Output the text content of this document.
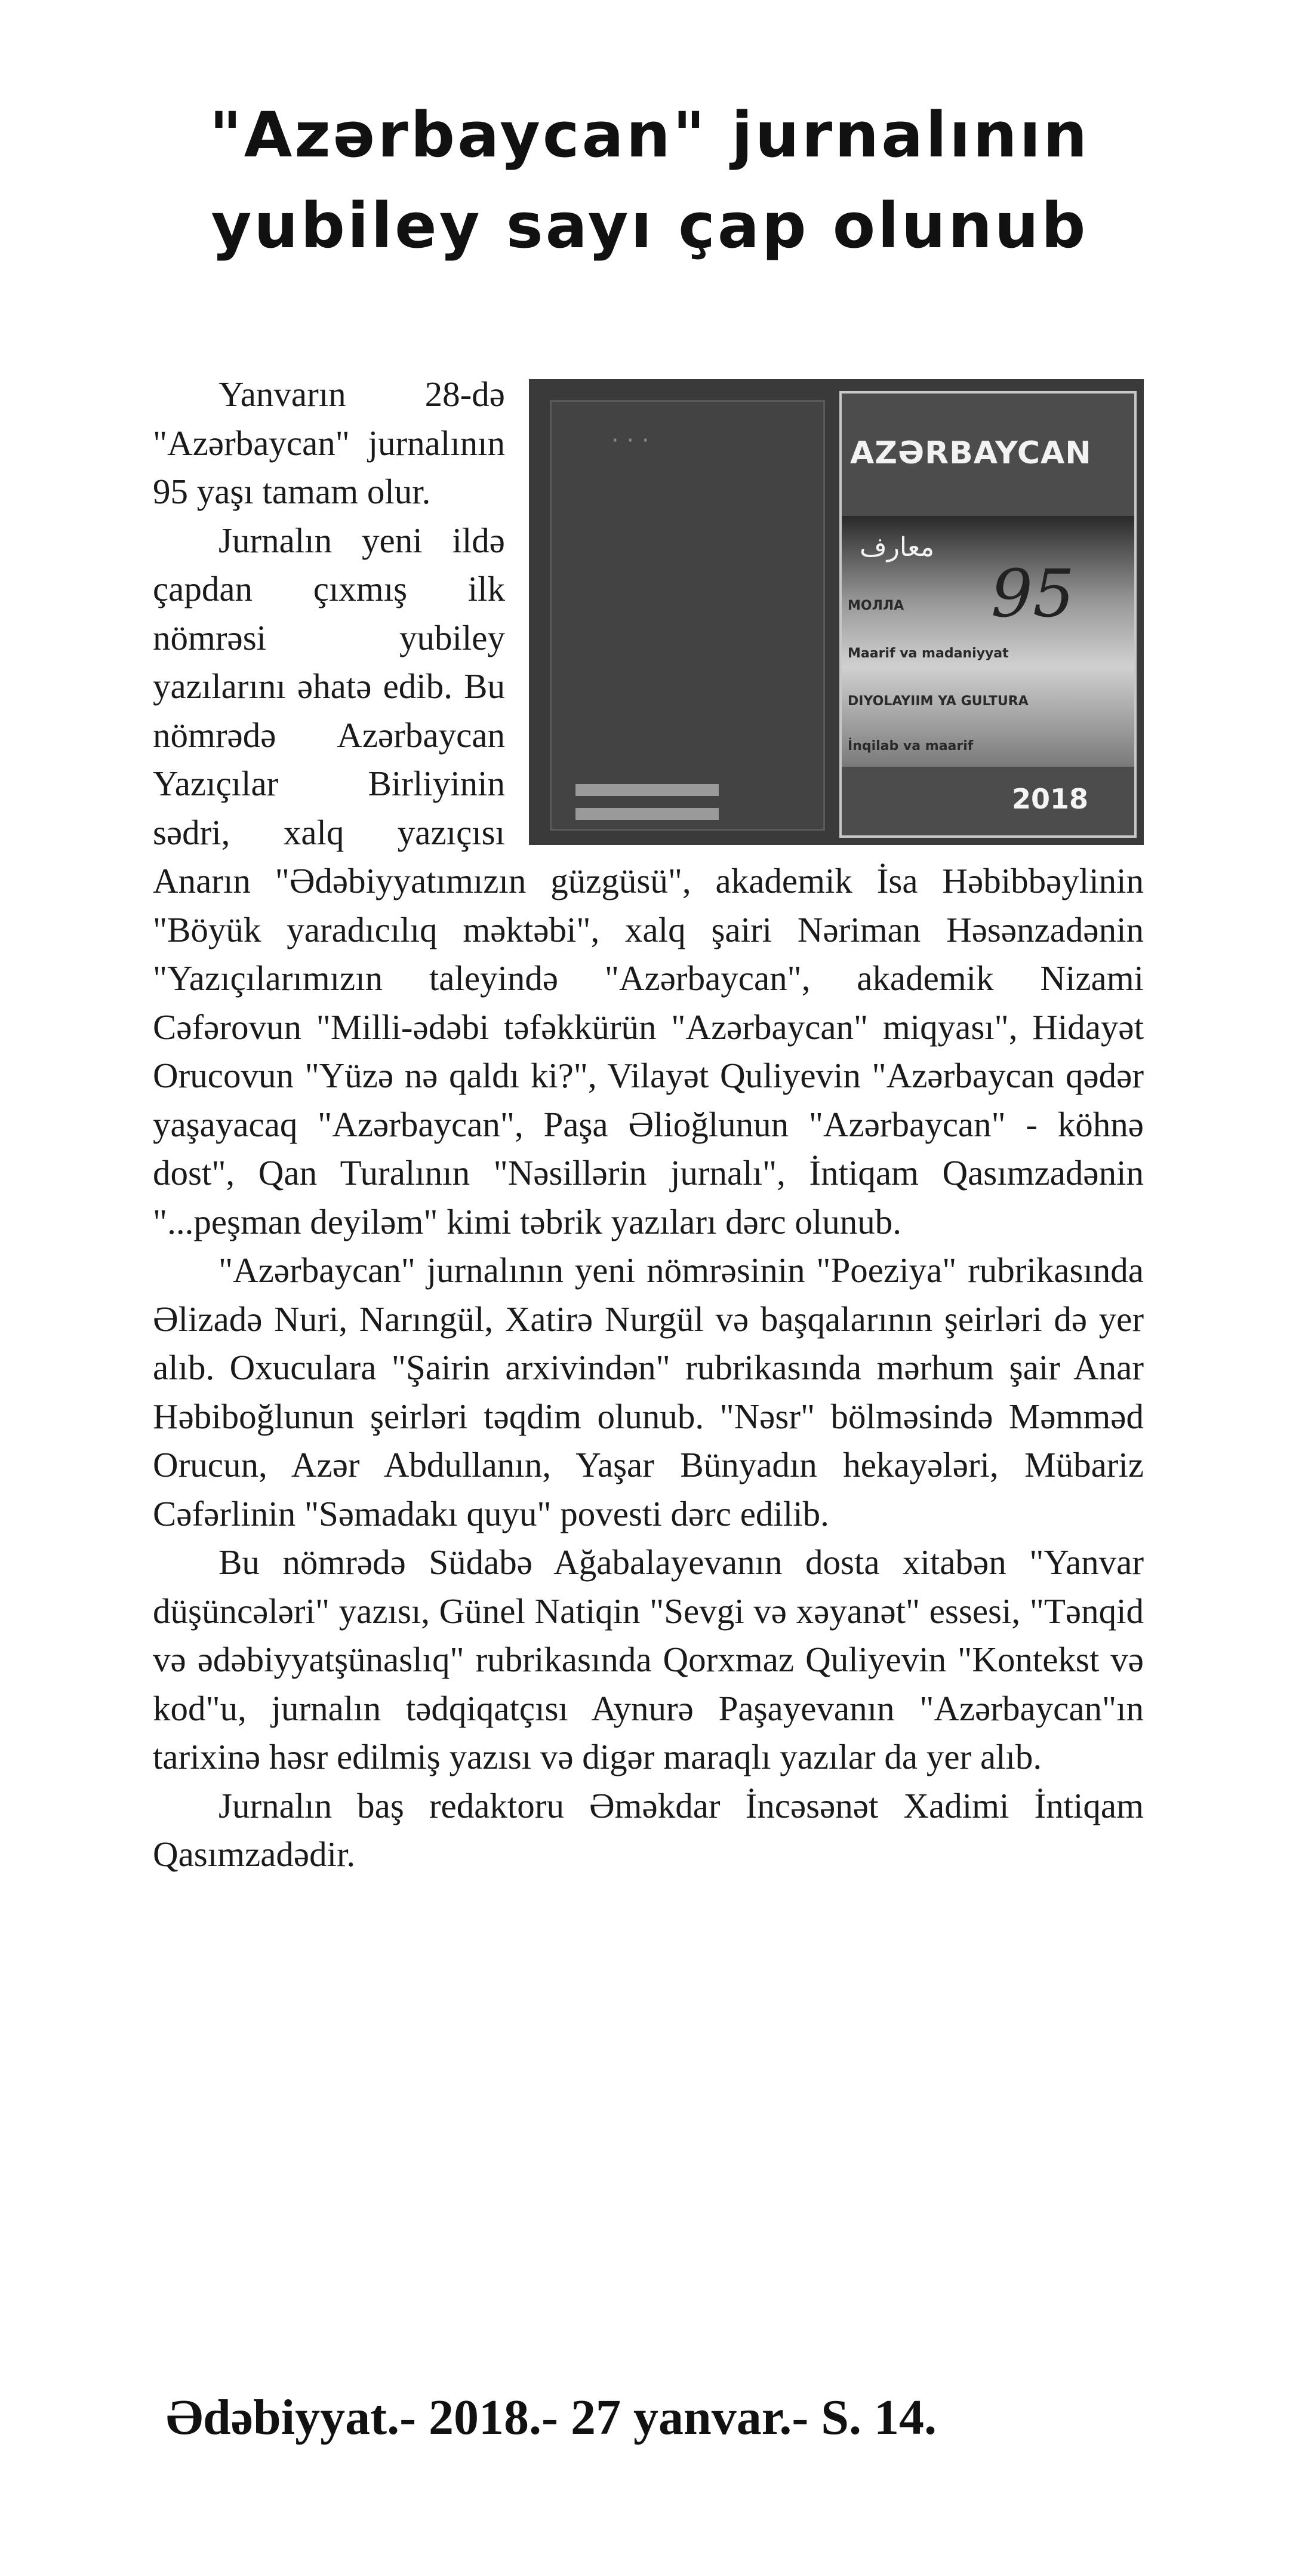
"Azərbaycan" jurnalının
yubiley sayı çap olunub
· · ·	AZƏRBAYCAN
معارف
95
МОЛЛА
Maarif va madaniyyat
DIYOLAYIIM YA GULTURA
İnqilab va maarif
2018

Yanvarın 28-də "Azərbaycan" jurnalının 95 yaşı tamam olur.

Jurnalın yeni ildə çapdan çıxmış ilk nömrəsi yubiley yazılarını əhatə edib. Bu nömrədə Azərbaycan Yazıçılar Birliyinin sədri, xalq yazıçısı Anarın "Ədəbiyyatımızın güzgüsü", akademik İsa Həbibbəylinin "Böyük yaradıcılıq məktəbi", xalq şairi Nəriman Həsənzadənin "Yazıçılarımızın taleyində "Azərbaycan", akademik Nizami Cəfərovun "Milli-ədəbi təfəkkürün "Azərbaycan" miqyası", Hidayət Orucovun "Yüzə nə qaldı ki?", Vilayət Quliyevin "Azərbaycan qədər yaşayacaq "Azərbaycan", Paşa Əlioğlunun "Azərbaycan" - köhnə dost", Qan Turalının "Nəsillərin jurnalı", İntiqam Qasımzadənin "...peşman deyiləm" kimi təbrik yazıları dərc olunub.

"Azərbaycan" jurnalının yeni nömrəsinin "Poeziya" rubrikasında Əlizadə Nuri, Narıngül, Xatirə Nurgül və başqalarının şeirləri də yer alıb. Oxuculara "Şairin arxivindən" rubrikasında mərhum şair Anar Həbiboğlunun şeirləri təqdim olunub. "Nəsr" bölməsində Məmməd Orucun, Azər Abdullanın, Yaşar Bünyadın hekayələri, Mübariz Cəfərlinin "Səmadakı quyu" povesti dərc edilib.

Bu nömrədə Südabə Ağabalayevanın dosta xitabən "Yanvar düşüncələri" yazısı, Günel Natiqin "Sevgi və xəyanət" essesi, "Tənqid və ədəbiyyatşünaslıq" rubrikasında Qorxmaz Quliyevin "Kontekst və kod"u, jurnalın tədqiqatçısı Aynurə Paşayevanın "Azərbaycan"ın tarixinə həsr edilmiş yazısı və digər maraqlı yazılar da yer alıb.

Jurnalın baş redaktoru Əməkdar İncəsənət Xadimi İntiqam Qasımzadədir.

Ədəbiyyat.- 2018.- 27 yanvar.- S. 14.
